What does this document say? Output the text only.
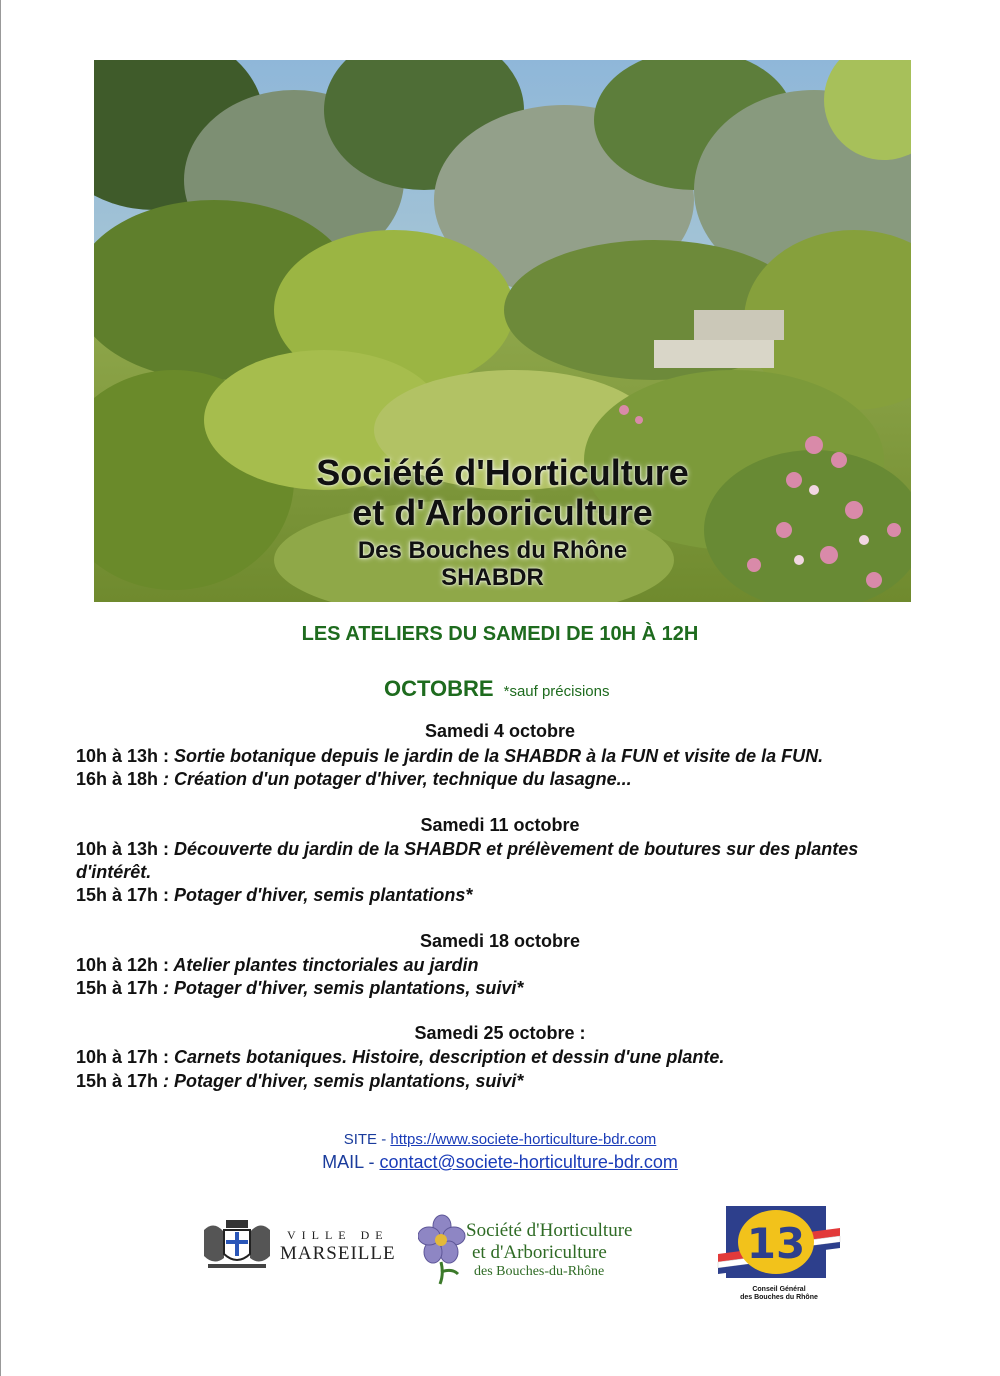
Société d'Horticulture
et d'Arboriculture
Des Bouches du Rhône
SHABDR
LES ATELIERS DU SAMEDI DE 10H À 12H
OCTOBRE *sauf précisions
Samedi 4 octobre
10h à 13h : Sortie botanique depuis le jardin de la SHABDR à la FUN et visite de la FUN.
16h à 18h : Création d'un potager d'hiver, technique du lasagne...
Samedi 11 octobre
10h à 13h : Découverte du jardin de la SHABDR et prélèvement de boutures sur des plantes d'intérêt.
15h à 17h : Potager d'hiver, semis plantations*
Samedi 18 octobre
10h à 12h : Atelier plantes tinctoriales au jardin
15h à 17h : Potager d'hiver, semis plantations, suivi*
Samedi 25 octobre :
10h à 17h : Carnets botaniques. Histoire, description et dessin d'une plante.
15h à 17h : Potager d'hiver, semis plantations, suivi*
SITE - https://www.societe-horticulture-bdr.com
MAIL - contact@societe-horticulture-bdr.com
VILLE DE
MARSEILLE
Société d'Horticulture
et d'Arboriculture
des Bouches-du-Rhône
13
Conseil Général
des Bouches du Rhône
